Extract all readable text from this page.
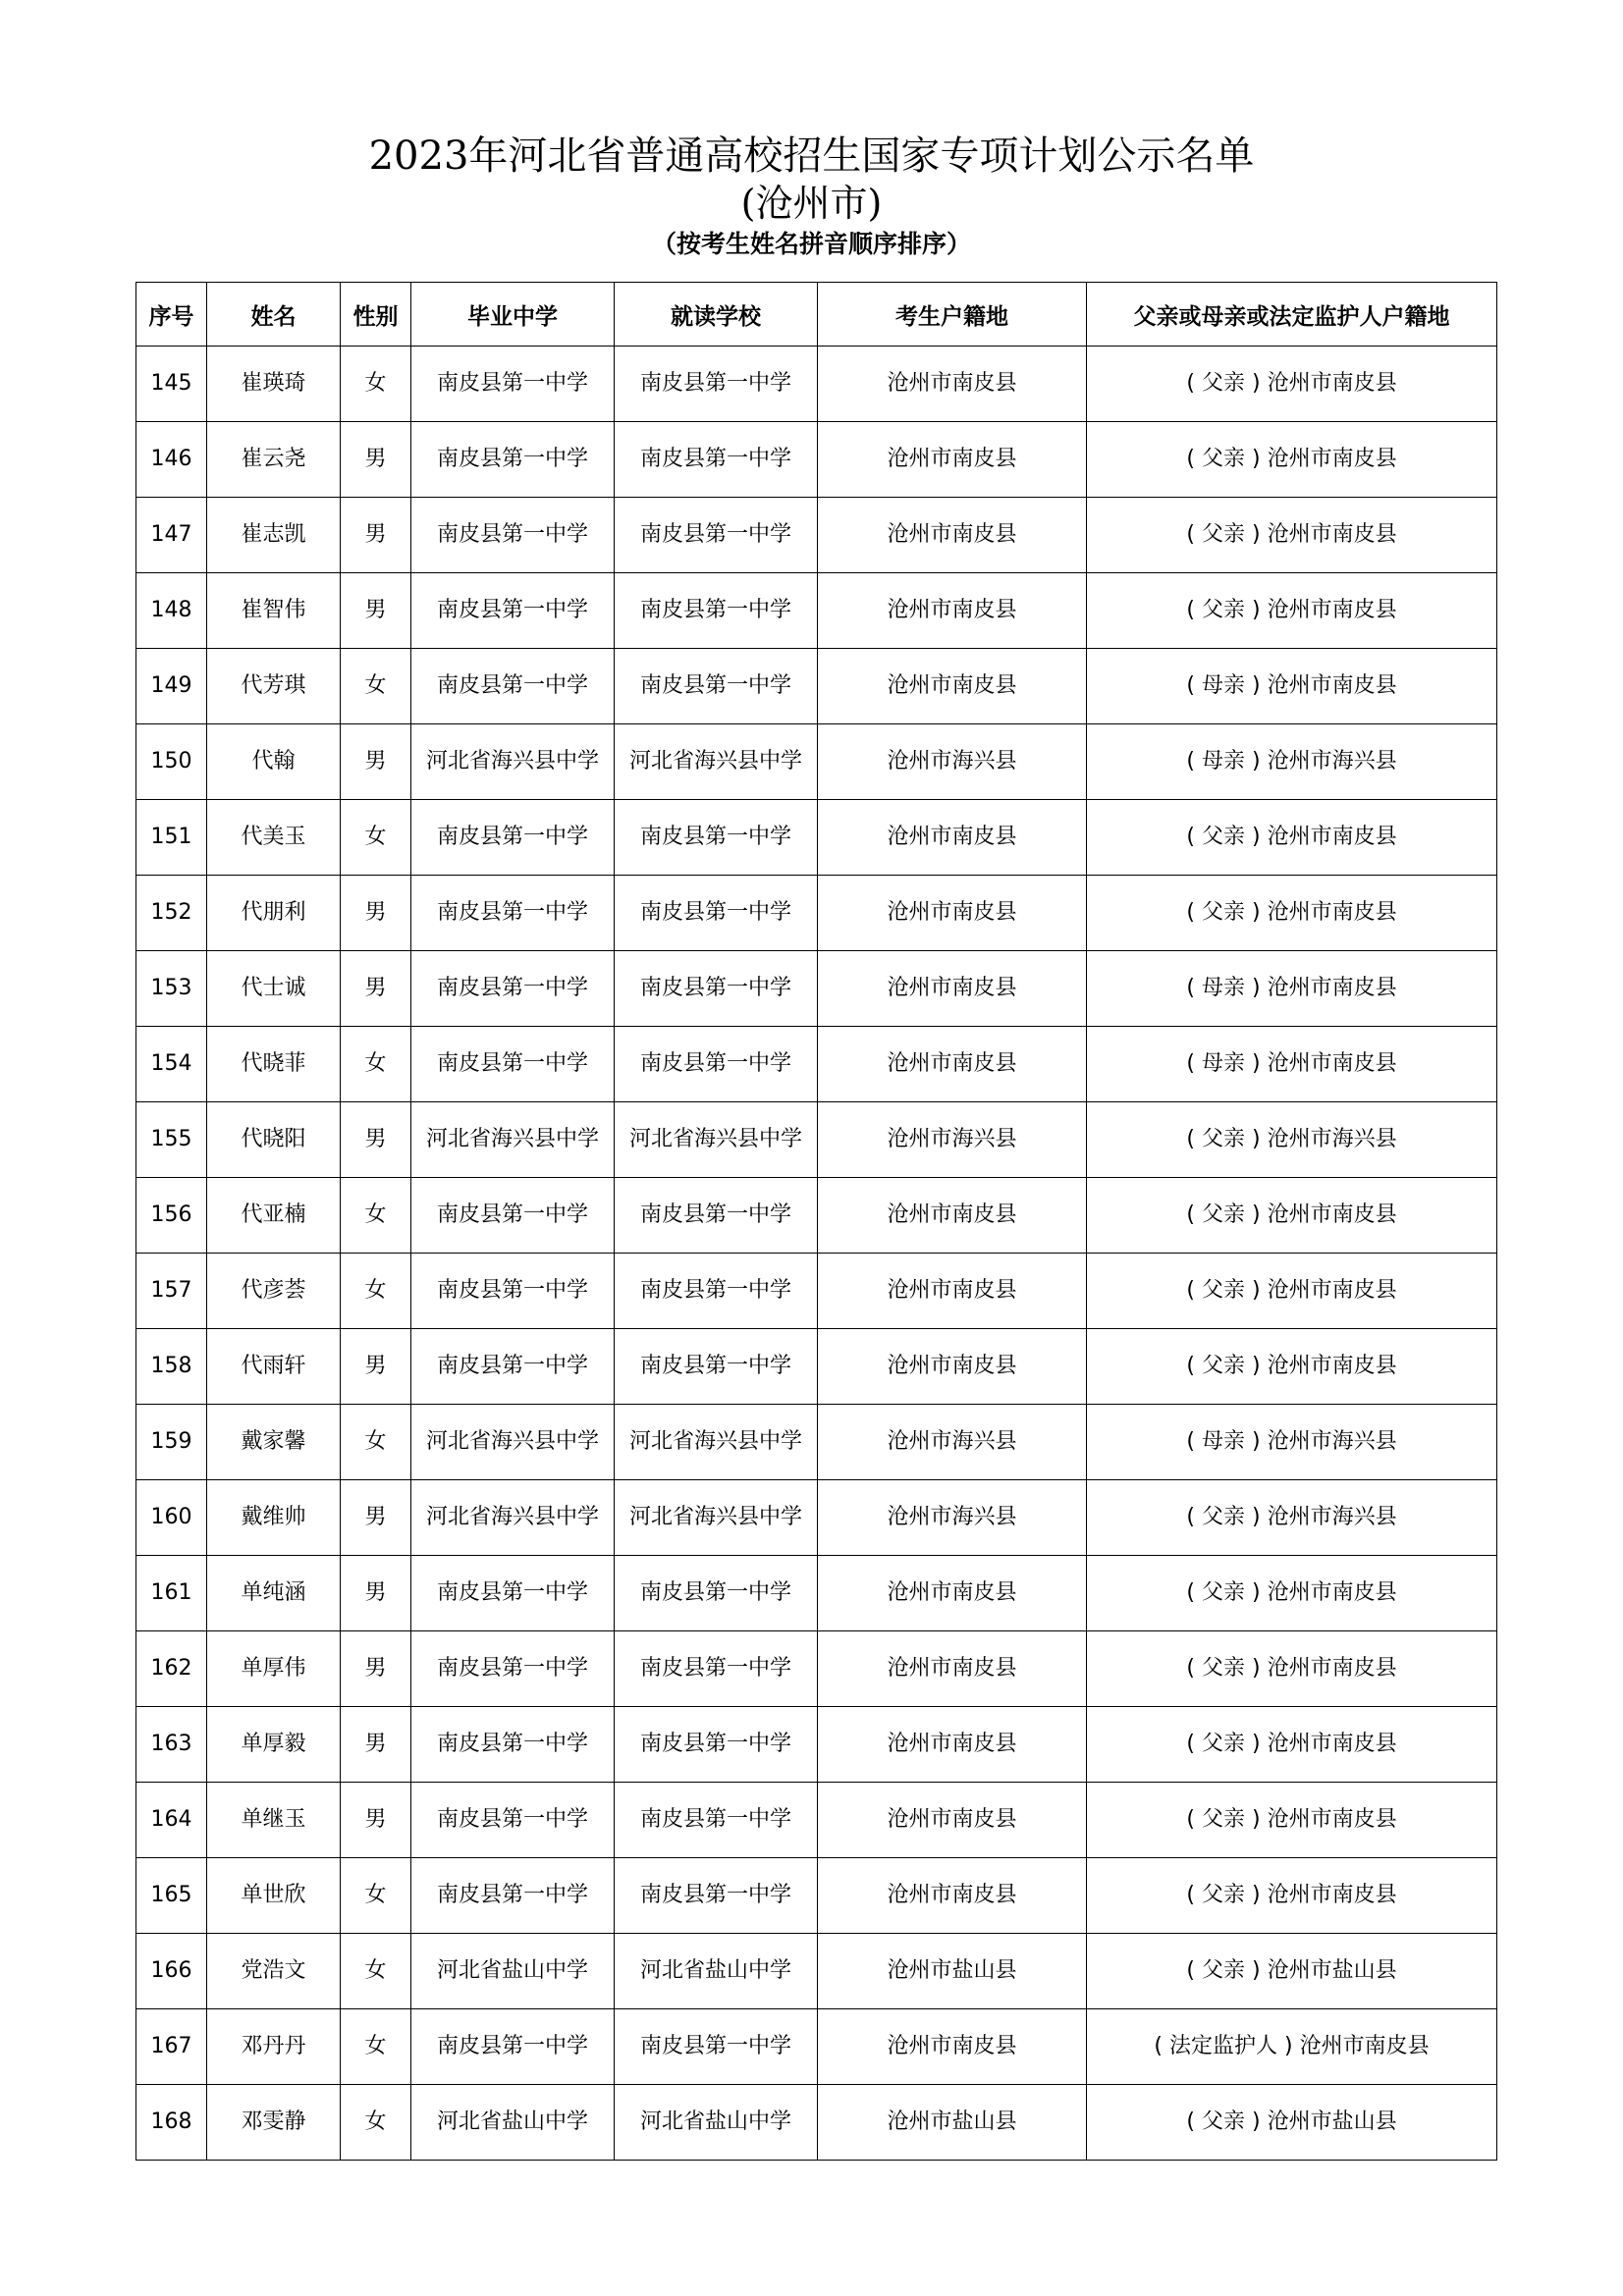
2023年河北省普通高校招生国家专项计划公示名单
(沧州市)
（按考生姓名拼音顺序排序）
序号	姓名	性别	毕业中学	就读学校	考生户籍地	父亲或母亲或法定监护人户籍地
145	崔瑛琦	女	南皮县第一中学	南皮县第一中学	沧州市南皮县	( 父亲 ) 沧州市南皮县
146	崔云尧	男	南皮县第一中学	南皮县第一中学	沧州市南皮县	( 父亲 ) 沧州市南皮县
147	崔志凯	男	南皮县第一中学	南皮县第一中学	沧州市南皮县	( 父亲 ) 沧州市南皮县
148	崔智伟	男	南皮县第一中学	南皮县第一中学	沧州市南皮县	( 父亲 ) 沧州市南皮县
149	代芳琪	女	南皮县第一中学	南皮县第一中学	沧州市南皮县	( 母亲 ) 沧州市南皮县
150	代翰	男	河北省海兴县中学	河北省海兴县中学	沧州市海兴县	( 母亲 ) 沧州市海兴县
151	代美玉	女	南皮县第一中学	南皮县第一中学	沧州市南皮县	( 父亲 ) 沧州市南皮县
152	代朋利	男	南皮县第一中学	南皮县第一中学	沧州市南皮县	( 父亲 ) 沧州市南皮县
153	代士诚	男	南皮县第一中学	南皮县第一中学	沧州市南皮县	( 母亲 ) 沧州市南皮县
154	代晓菲	女	南皮县第一中学	南皮县第一中学	沧州市南皮县	( 母亲 ) 沧州市南皮县
155	代晓阳	男	河北省海兴县中学	河北省海兴县中学	沧州市海兴县	( 父亲 ) 沧州市海兴县
156	代亚楠	女	南皮县第一中学	南皮县第一中学	沧州市南皮县	( 父亲 ) 沧州市南皮县
157	代彦荟	女	南皮县第一中学	南皮县第一中学	沧州市南皮县	( 父亲 ) 沧州市南皮县
158	代雨轩	男	南皮县第一中学	南皮县第一中学	沧州市南皮县	( 父亲 ) 沧州市南皮县
159	戴家馨	女	河北省海兴县中学	河北省海兴县中学	沧州市海兴县	( 母亲 ) 沧州市海兴县
160	戴维帅	男	河北省海兴县中学	河北省海兴县中学	沧州市海兴县	( 父亲 ) 沧州市海兴县
161	单纯涵	男	南皮县第一中学	南皮县第一中学	沧州市南皮县	( 父亲 ) 沧州市南皮县
162	单厚伟	男	南皮县第一中学	南皮县第一中学	沧州市南皮县	( 父亲 ) 沧州市南皮县
163	单厚毅	男	南皮县第一中学	南皮县第一中学	沧州市南皮县	( 父亲 ) 沧州市南皮县
164	单继玉	男	南皮县第一中学	南皮县第一中学	沧州市南皮县	( 父亲 ) 沧州市南皮县
165	单世欣	女	南皮县第一中学	南皮县第一中学	沧州市南皮县	( 父亲 ) 沧州市南皮县
166	党浩文	女	河北省盐山中学	河北省盐山中学	沧州市盐山县	( 父亲 ) 沧州市盐山县
167	邓丹丹	女	南皮县第一中学	南皮县第一中学	沧州市南皮县	( 法定监护人 ) 沧州市南皮县
168	邓雯静	女	河北省盐山中学	河北省盐山中学	沧州市盐山县	( 父亲 ) 沧州市盐山县
